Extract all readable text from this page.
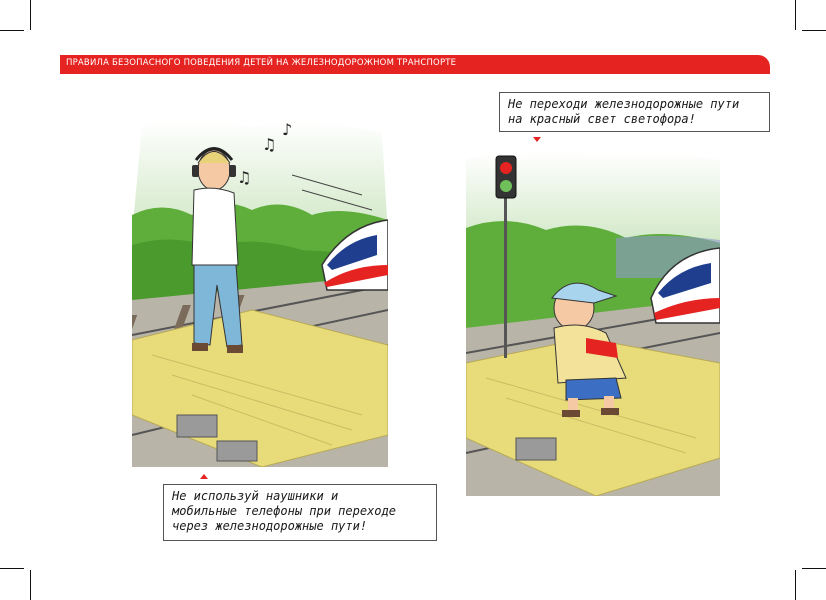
ПРАВИЛА БЕЗОПАСНОГО ПОВЕДЕНИЯ ДЕТЕЙ НА ЖЕЛЕЗНОДОРОЖНОМ ТРАНСПОРТЕ
♫
♪
♫
Не используй наушники и
мобильные телефоны при переходе
через железнодорожные пути!
Не переходи железнодорожные пути
на красный свет светофора!
